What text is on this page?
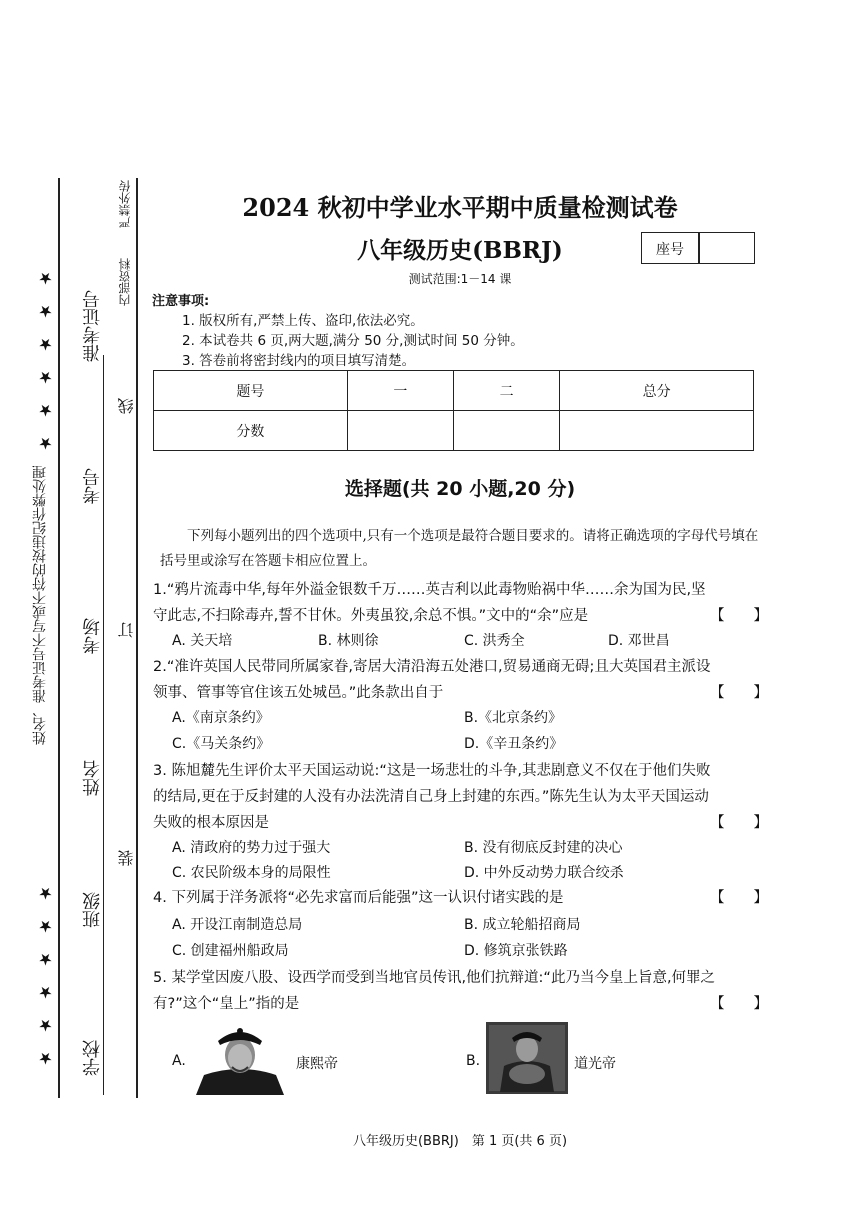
姓名、准考证号不写或不符的按违纪作弊处理
★★★★★★
★★★★★★
准考证号
考号
考场
姓名
班级
学校
线
订
装
严禁外传
内部资料
2024 秋初中学业水平期中质量检测试卷
八年级历史(BBRJ)	座号
测试范围:1－14 课
注意事项:
1. 版权所有,严禁上传、盗印,依法必究。
2. 本试卷共 6 页,两大题,满分 50 分,测试时间 50 分钟。
3. 答卷前将密封线内的项目填写清楚。
题号	一	二	总分
分数			
选择题(共 20 小题,20 分)
下列每小题列出的四个选项中,只有一个选项是最符合题目要求的。请将正确选项的字母代号填在括号里或涂写在答题卡相应位置上。
1.“鸦片流毒中华,每年外溢金银数千万……英吉利以此毒物贻祸中华……余为国为民,坚守此志,不扫除毒卉,誓不甘休。外夷虽狡,余总不惧。”文中的“余”应是	【　　】
A. 关天培	B. 林则徐	C. 洪秀全	D. 邓世昌
2.“准许英国人民带同所属家眷,寄居大清沿海五处港口,贸易通商无碍;且大英国君主派设领事、管事等官住该五处城邑。”此条款出自于	【　　】
A.《南京条约》	B.《北京条约》
C.《马关条约》	D.《辛丑条约》
3. 陈旭麓先生评价太平天国运动说:“这是一场悲壮的斗争,其悲剧意义不仅在于他们失败的结局,更在于反封建的人没有办法洗清自己身上封建的东西。”陈先生认为太平天国运动失败的根本原因是	【　　】
A. 清政府的势力过于强大	B. 没有彻底反封建的决心
C. 农民阶级本身的局限性	D. 中外反动势力联合绞杀
4. 下列属于洋务派将“必先求富而后能强”这一认识付诸实践的是	【　　】
A. 开设江南制造总局	B. 成立轮船招商局
C. 创建福州船政局	D. 修筑京张铁路
5. 某学堂因废八股、设西学而受到当地官员传讯,他们抗辩道:“此乃当今皇上旨意,何罪之有?”这个“皇上”指的是	【　　】
A.	康熙帝	B.	道光帝
八年级历史(BBRJ)　第 1 页(共 6 页)
